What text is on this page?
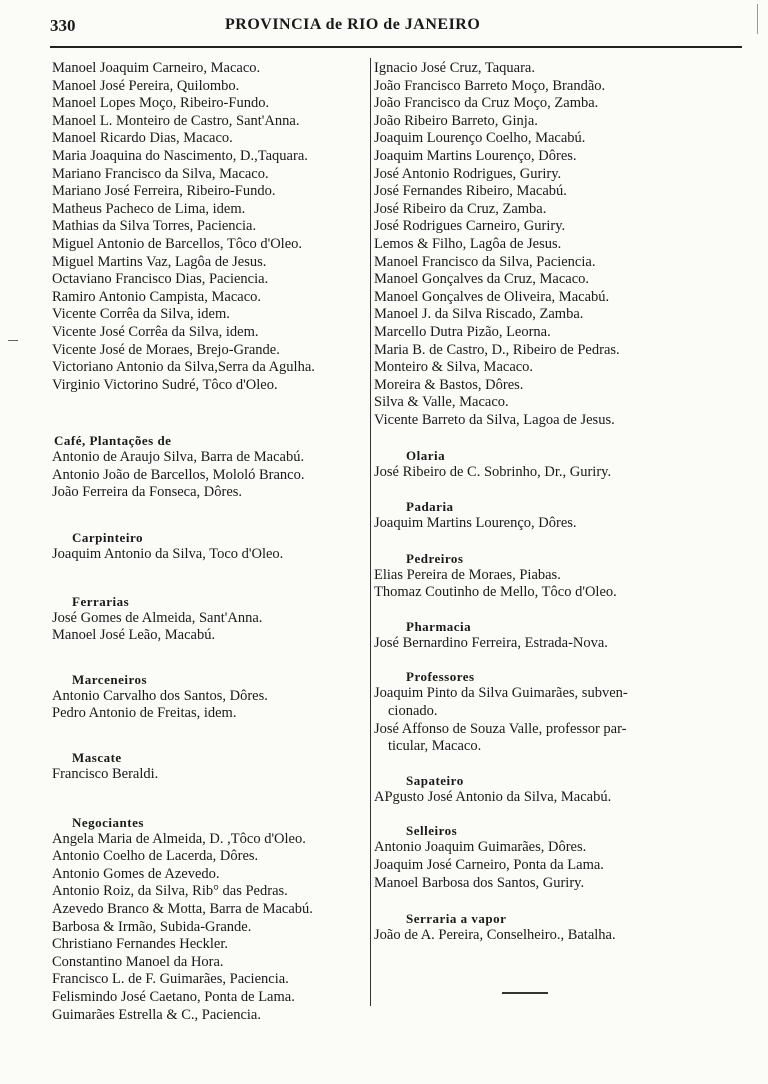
330	PROVINCIA de RIO de JANEIRO
Manoel Joaquim Carneiro, Macaco.
Manoel José Pereira, Quilombo.
Manoel Lopes Moço, Ribeiro-Fundo.
Manoel L. Monteiro de Castro, Sant'Anna.
Manoel Ricardo Dias, Macaco.
Maria Joaquina do Nascimento, D.,Taquara.
Mariano Francisco da Silva, Macaco.
Mariano José Ferreira, Ribeiro-Fundo.
Matheus Pacheco de Lima, idem.
Mathias da Silva Torres, Paciencia.
Miguel Antonio de Barcellos, Tôco d'Oleo.
Miguel Martins Vaz, Lagôa de Jesus.
Octaviano Francisco Dias, Paciencia.
Ramiro Antonio Campista, Macaco.
Vicente Corrêa da Silva, idem.
Vicente José Corrêa da Silva, idem.
Vicente José de Moraes, Brejo-Grande.
Victoriano Antonio da Silva,Serra da Agulha.
Virginio Victorino Sudré, Tôco d'Oleo.
Café, Plantações de
Antonio de Araujo Silva, Barra de Macabú.
Antonio João de Barcellos, Mololó Branco.
João Ferreira da Fonseca, Dôres.
Carpinteiro
Joaquim Antonio da Silva, Toco d'Oleo.
Ferrarias
José Gomes de Almeida, Sant'Anna.
Manoel José Leão, Macabú.
Marceneiros
Antonio Carvalho dos Santos, Dôres.
Pedro Antonio de Freitas, idem.
Mascate
Francisco Beraldi.
Negociantes
Angela Maria de Almeida, D. ,Tôco d'Oleo.
Antonio Coelho de Lacerda, Dôres.
Antonio Gomes de Azevedo.
Antonio Roiz, da Silva, Rib° das Pedras.
Azevedo Branco & Motta, Barra de Macabú.
Barbosa & Irmão, Subida-Grande.
Christiano Fernandes Heckler.
Constantino Manoel da Hora.
Francisco L. de F. Guimarães, Paciencia.
Felismindo José Caetano, Ponta de Lama.
Guimarães Estrella & C., Paciencia.
Ignacio José Cruz, Taquara.
João Francisco Barreto Moço, Brandão.
João Francisco da Cruz Moço, Zamba.
João Ribeiro Barreto, Ginja.
Joaquim Lourenço Coelho, Macabú.
Joaquim Martins Lourenço, Dôres.
José Antonio Rodrigues, Guriry.
José Fernandes Ribeiro, Macabú.
José Ribeiro da Cruz, Zamba.
José Rodrigues Carneiro, Guriry.
Lemos & Filho, Lagôa de Jesus.
Manoel Francisco da Silva, Paciencia.
Manoel Gonçalves da Cruz, Macaco.
Manoel Gonçalves de Oliveira, Macabú.
Manoel J. da Silva Riscado, Zamba.
Marcello Dutra Pizão, Leorna.
Maria B. de Castro, D., Ribeiro de Pedras.
Monteiro & Silva, Macaco.
Moreira & Bastos, Dôres.
Silva & Valle, Macaco.
Vicente Barreto da Silva, Lagoa de Jesus.
Olaria
José Ribeiro de C. Sobrinho, Dr., Guriry.
Padaria
Joaquim Martins Lourenço, Dôres.
Pedreiros
Elias Pereira de Moraes, Piabas.
Thomaz Coutinho de Mello, Tôco d'Oleo.
Pharmacia
José Bernardino Ferreira, Estrada-Nova.
Professores
Joaquim Pinto da Silva Guimarães, subven-
cionado.
José Affonso de Souza Valle, professor par-
ticular, Macaco.
Sapateiro
APgusto José Antonio da Silva, Macabú.
Selleiros
Antonio Joaquim Guimarães, Dôres.
Joaquim José Carneiro, Ponta da Lama.
Manoel Barbosa dos Santos, Guriry.
Serraria a vapor
João de A. Pereira, Conselheiro., Batalha.
